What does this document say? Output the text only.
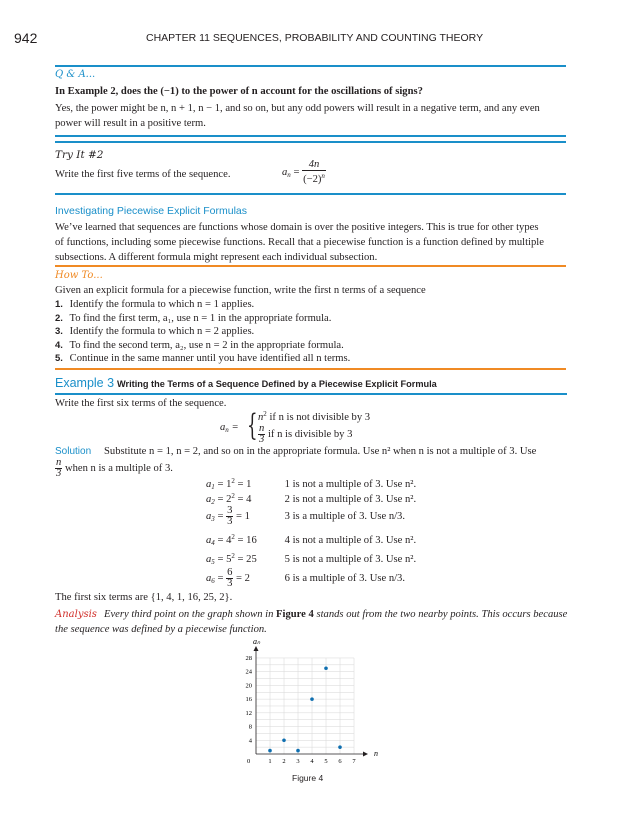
942	CHAPTER 11 SEQUENCES, PROBABILITY AND COUNTING THEORY
Q & A...
In Example 2, does the (−1) to the power of n account for the oscillations of signs?
Yes, the power might be n, n + 1, n − 1, and so on, but any odd powers will result in a negative term, and any even
power will result in a positive term.
Try It #2
Write the first five terms of the sequence.	$a_n = \frac{4n}{(-2)^n}$
Investigating Piecewise Explicit Formulas
We’ve learned that sequences are functions whose domain is over the positive integers. This is true for other types
of functions, including some piecewise functions. Recall that a piecewise function is a function defined by multiple
subsections. A different formula might represent each individual subsection.
How To...
Given an explicit formula for a piecewise function, write the first n terms of a sequence
1. Identify the formula to which n = 1 applies.
2. To find the first term, a₁, use n = 1 in the appropriate formula.
3. Identify the formula to which n = 2 applies.
4. To find the second term, a₂, use n = 2 in the appropriate formula.
5. Continue in the same manner until you have identified all n terms.
Example 3 Writing the Terms of a Sequence Defined by a Piecewise Explicit Formula
Write the first six terms of the sequence.
$a_n$ = { $n^2$ if n is not divisible by 3
$\frac{n}{3}$ if n is divisible by 3
Solution Substitute n = 1, n = 2, and so on in the appropriate formula. Use n² when n is not a multiple of 3. Use
$\frac{n}{3}$ when n is a multiple of 3.
$a_1 = 1^2 = 1$	1 is not a multiple of 3. Use n².
$a_2 = 2^2 = 4$	2 is not a multiple of 3. Use n².
$a_3 = \frac{3}{3} = 1$	3 is a multiple of 3. Use n/3.
$a_4 = 4^2 = 16$	4 is not a multiple of 3. Use n².
$a_5 = 5^2 = 25$	5 is not a multiple of 3. Use n².
$a_6 = \frac{6}{3} = 2$	6 is a multiple of 3. Use n/3.
The first six terms are {1, 4, 1, 16, 25, 2}.
Analysis Every third point on the graph shown in Figure 4 stands out from the two nearby points. This occurs because
the sequence was defined by a piecewise function.
n
aₙ
0	1 2 3 4 5 6 7
4
8
12
16
20
24
28
Figure 4
